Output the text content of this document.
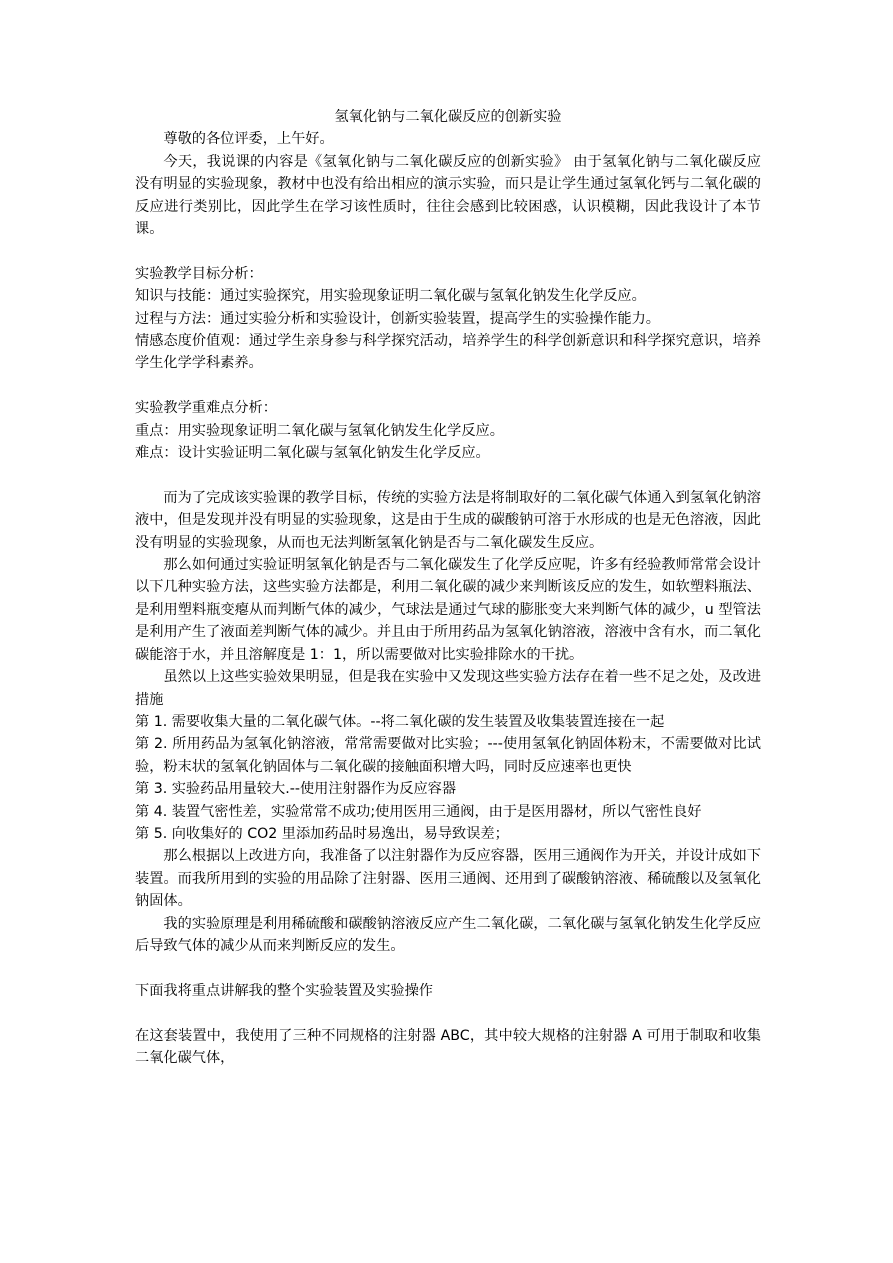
氢氧化钠与二氧化碳反应的创新实验

尊敬的各位评委，上午好。

今天，我说课的内容是《氢氧化钠与二氧化碳反应的创新实验》 由于氢氧化钠与二氧化碳反应没有明显的实验现象，教材中也没有给出相应的演示实验，而只是让学生通过氢氧化钙与二氧化碳的反应进行类别比，因此学生在学习该性质时，往往会感到比较困惑，认识模糊，因此我设计了本节课。

实验教学目标分析：

知识与技能：通过实验探究，用实验现象证明二氧化碳与氢氧化钠发生化学反应。

过程与方法：通过实验分析和实验设计，创新实验装置，提高学生的实验操作能力。

情感态度价值观：通过学生亲身参与科学探究活动，培养学生的科学创新意识和科学探究意识，培养学生化学学科素养。

实验教学重难点分析：

重点：用实验现象证明二氧化碳与氢氧化钠发生化学反应。

难点：设计实验证明二氧化碳与氢氧化钠发生化学反应。

而为了完成该实验课的教学目标，传统的实验方法是将制取好的二氧化碳气体通入到氢氧化钠溶液中，但是发现并没有明显的实验现象，这是由于生成的碳酸钠可溶于水形成的也是无色溶液，因此没有明显的实验现象，从而也无法判断氢氧化钠是否与二氧化碳发生反应。

那么如何通过实验证明氢氧化钠是否与二氧化碳发生了化学反应呢，许多有经验教师常常会设计以下几种实验方法，这些实验方法都是，利用二氧化碳的减少来判断该反应的发生，如软塑料瓶法、是利用塑料瓶变瘪从而判断气体的减少，气球法是通过气球的膨胀变大来判断气体的减少，u 型管法是利用产生了液面差判断气体的减少。并且由于所用药品为氢氧化钠溶液，溶液中含有水，而二氧化碳能溶于水，并且溶解度是 1：1，所以需要做对比实验排除水的干扰。

虽然以上这些实验效果明显，但是我在实验中又发现这些实验方法存在着一些不足之处，及改进措施

第 1. 需要收集大量的二氧化碳气体。--将二氧化碳的发生装置及收集装置连接在一起

第 2. 所用药品为氢氧化钠溶液，常常需要做对比实验；---使用氢氧化钠固体粉末，不需要做对比试验，粉末状的氢氧化钠固体与二氧化碳的接触面积增大吗，同时反应速率也更快

第 3. 实验药品用量较大.--使用注射器作为反应容器

第 4. 装置气密性差，实验常常不成功;使用医用三通阀，由于是医用器材，所以气密性良好

第 5. 向收集好的 CO2 里添加药品时易逸出，易导致误差；

那么根据以上改进方向，我准备了以注射器作为反应容器，医用三通阀作为开关，并设计成如下装置。而我所用到的实验的用品除了注射器、医用三通阀、还用到了碳酸钠溶液、稀硫酸以及氢氧化钠固体。

我的实验原理是利用稀硫酸和碳酸钠溶液反应产生二氧化碳，二氧化碳与氢氧化钠发生化学反应后导致气体的减少从而来判断反应的发生。

下面我将重点讲解我的整个实验装置及实验操作

在这套装置中，我使用了三种不同规格的注射器 ABC，其中较大规格的注射器 A 可用于制取和收集二氧化碳气体，
